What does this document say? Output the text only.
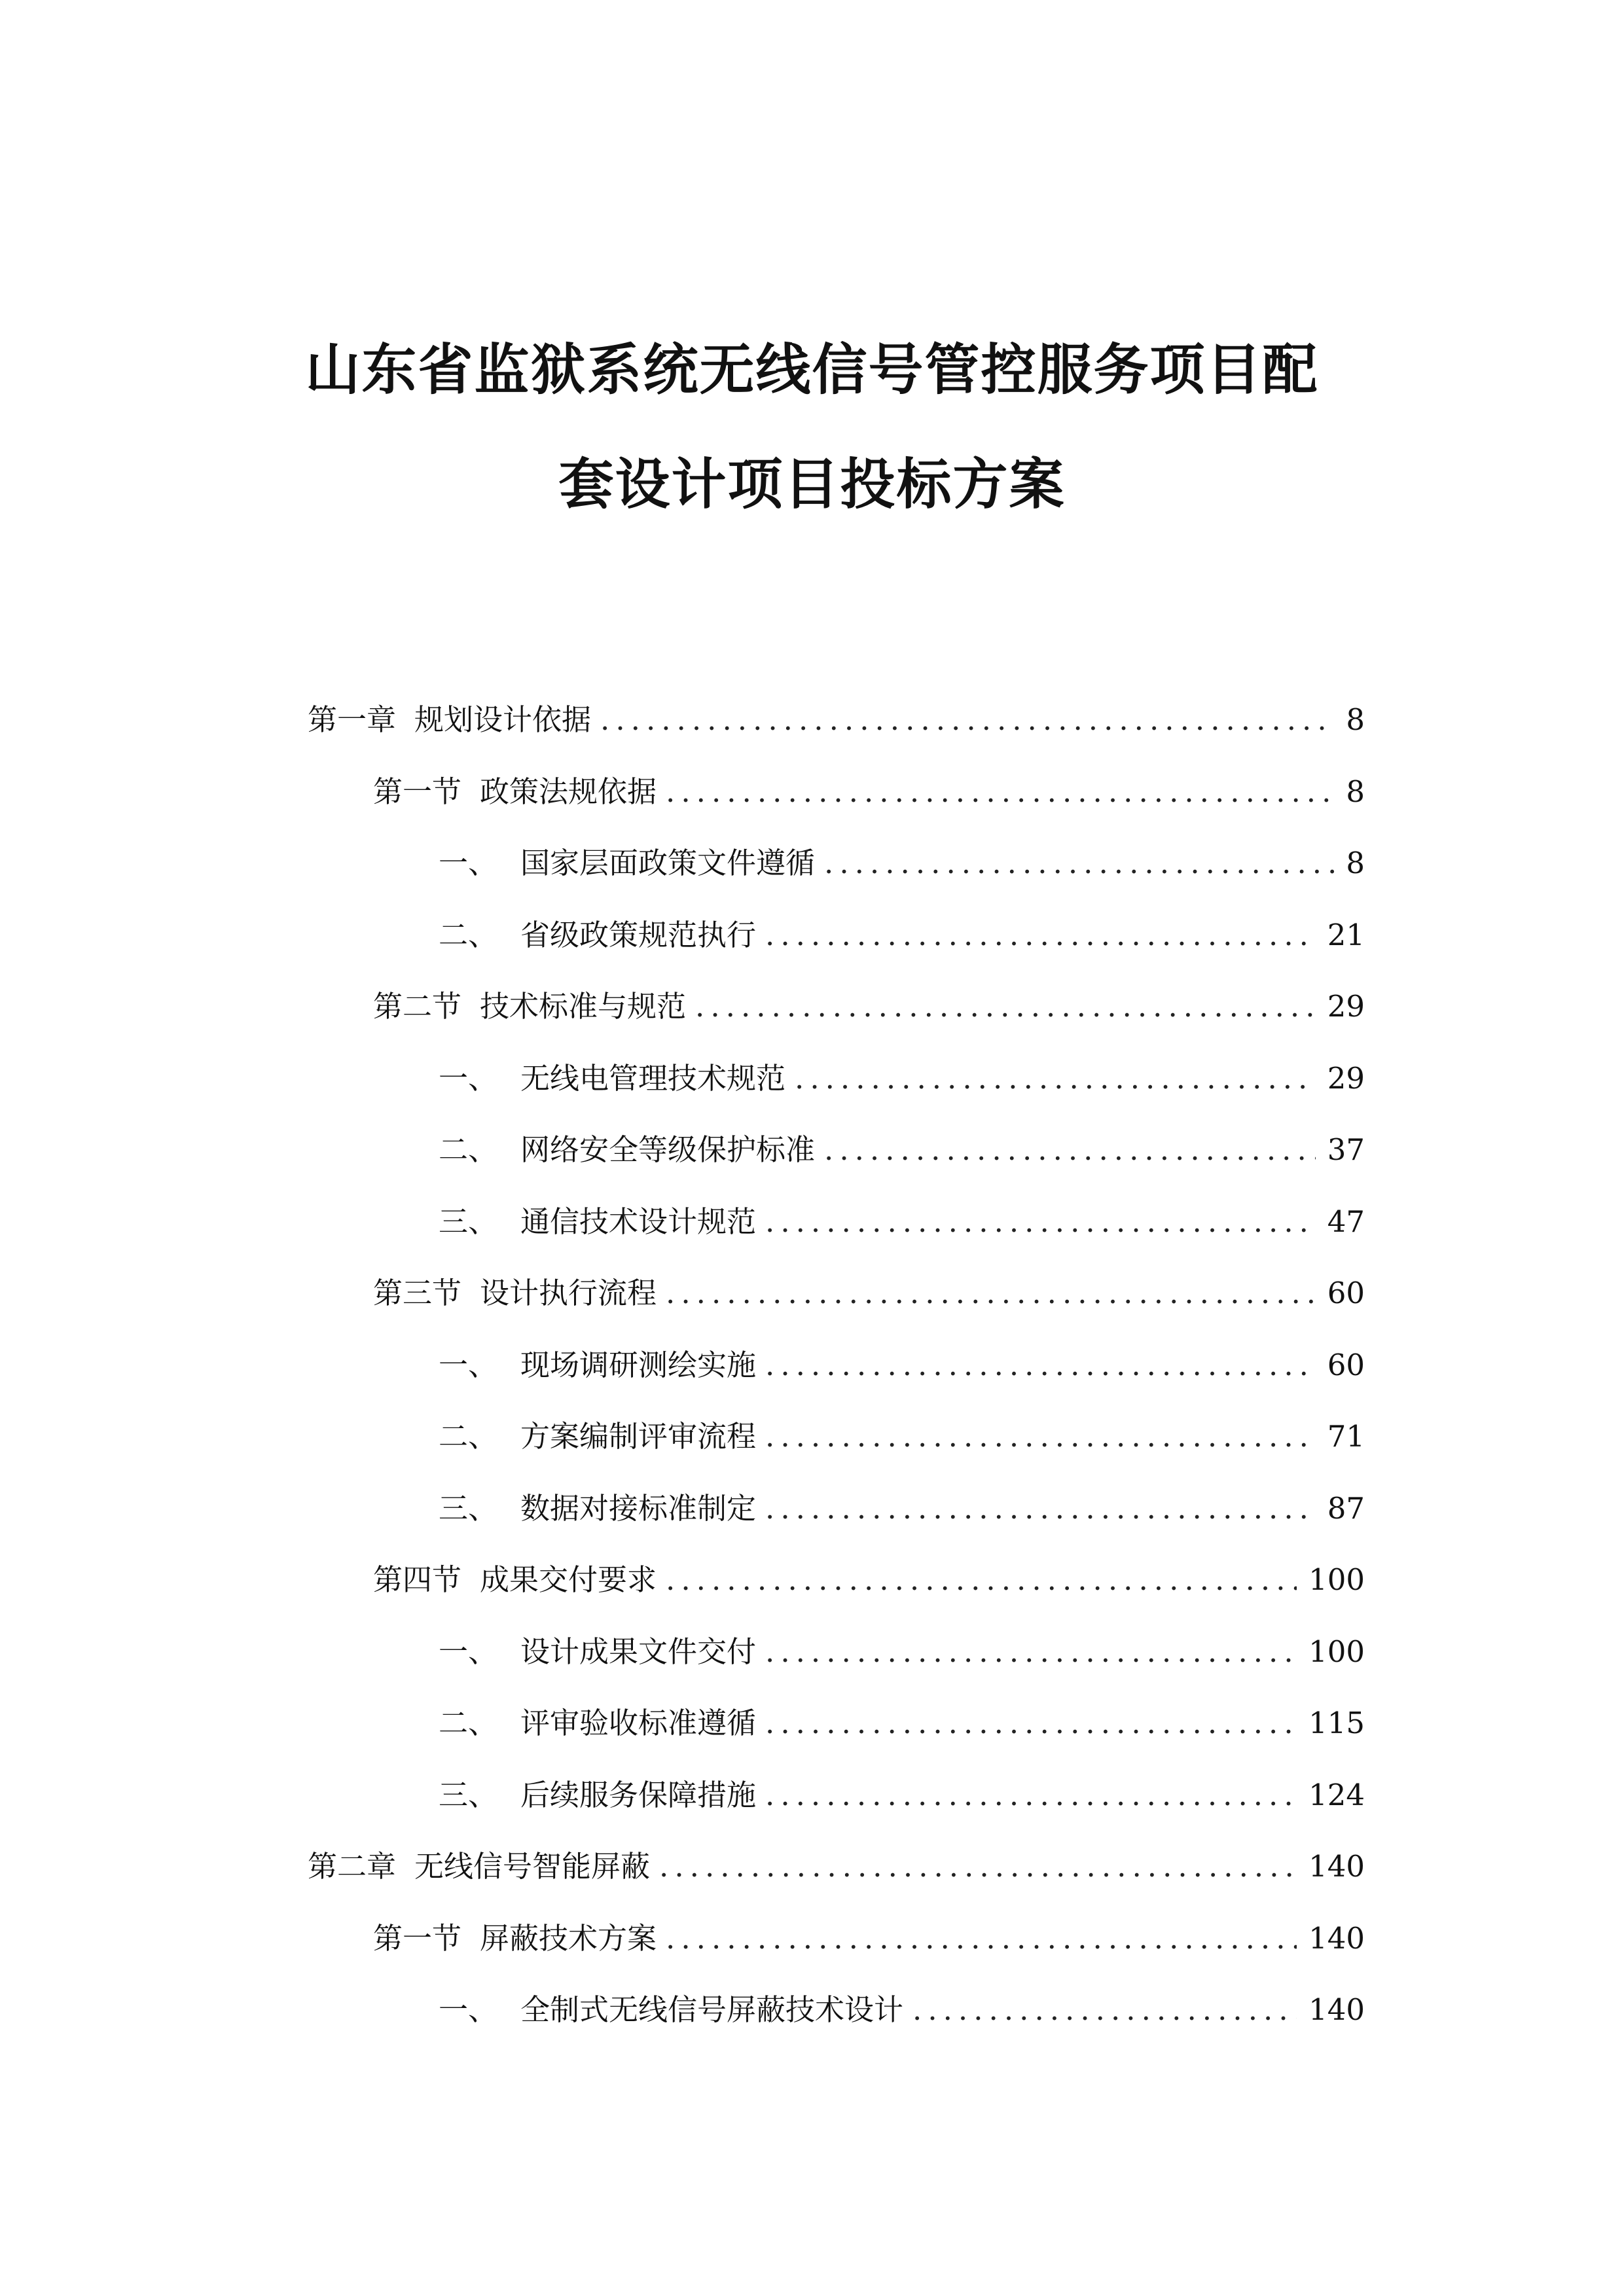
山东省监狱系统无线信号管控服务项目配
套设计项目投标方案
第一章 规划设计依据 .....	8
第一节 政策法规依据 .....	8
一、 国家层面政策文件遵循 .....	8
二、 省级政策规范执行 .....	21
第二节 技术标准与规范 .....	29
一、 无线电管理技术规范 .....	29
二、 网络安全等级保护标准 .....	37
三、 通信技术设计规范 .....	47
第三节 设计执行流程 .....	60
一、 现场调研测绘实施 .....	60
二、 方案编制评审流程 .....	71
三、 数据对接标准制定 .....	87
第四节 成果交付要求 .....	100
一、 设计成果文件交付 .....	100
二、 评审验收标准遵循 .....	115
三、 后续服务保障措施 .....	124
第二章 无线信号智能屏蔽 .....	140
第一节 屏蔽技术方案 .....	140
一、 全制式无线信号屏蔽技术设计 .....	140
